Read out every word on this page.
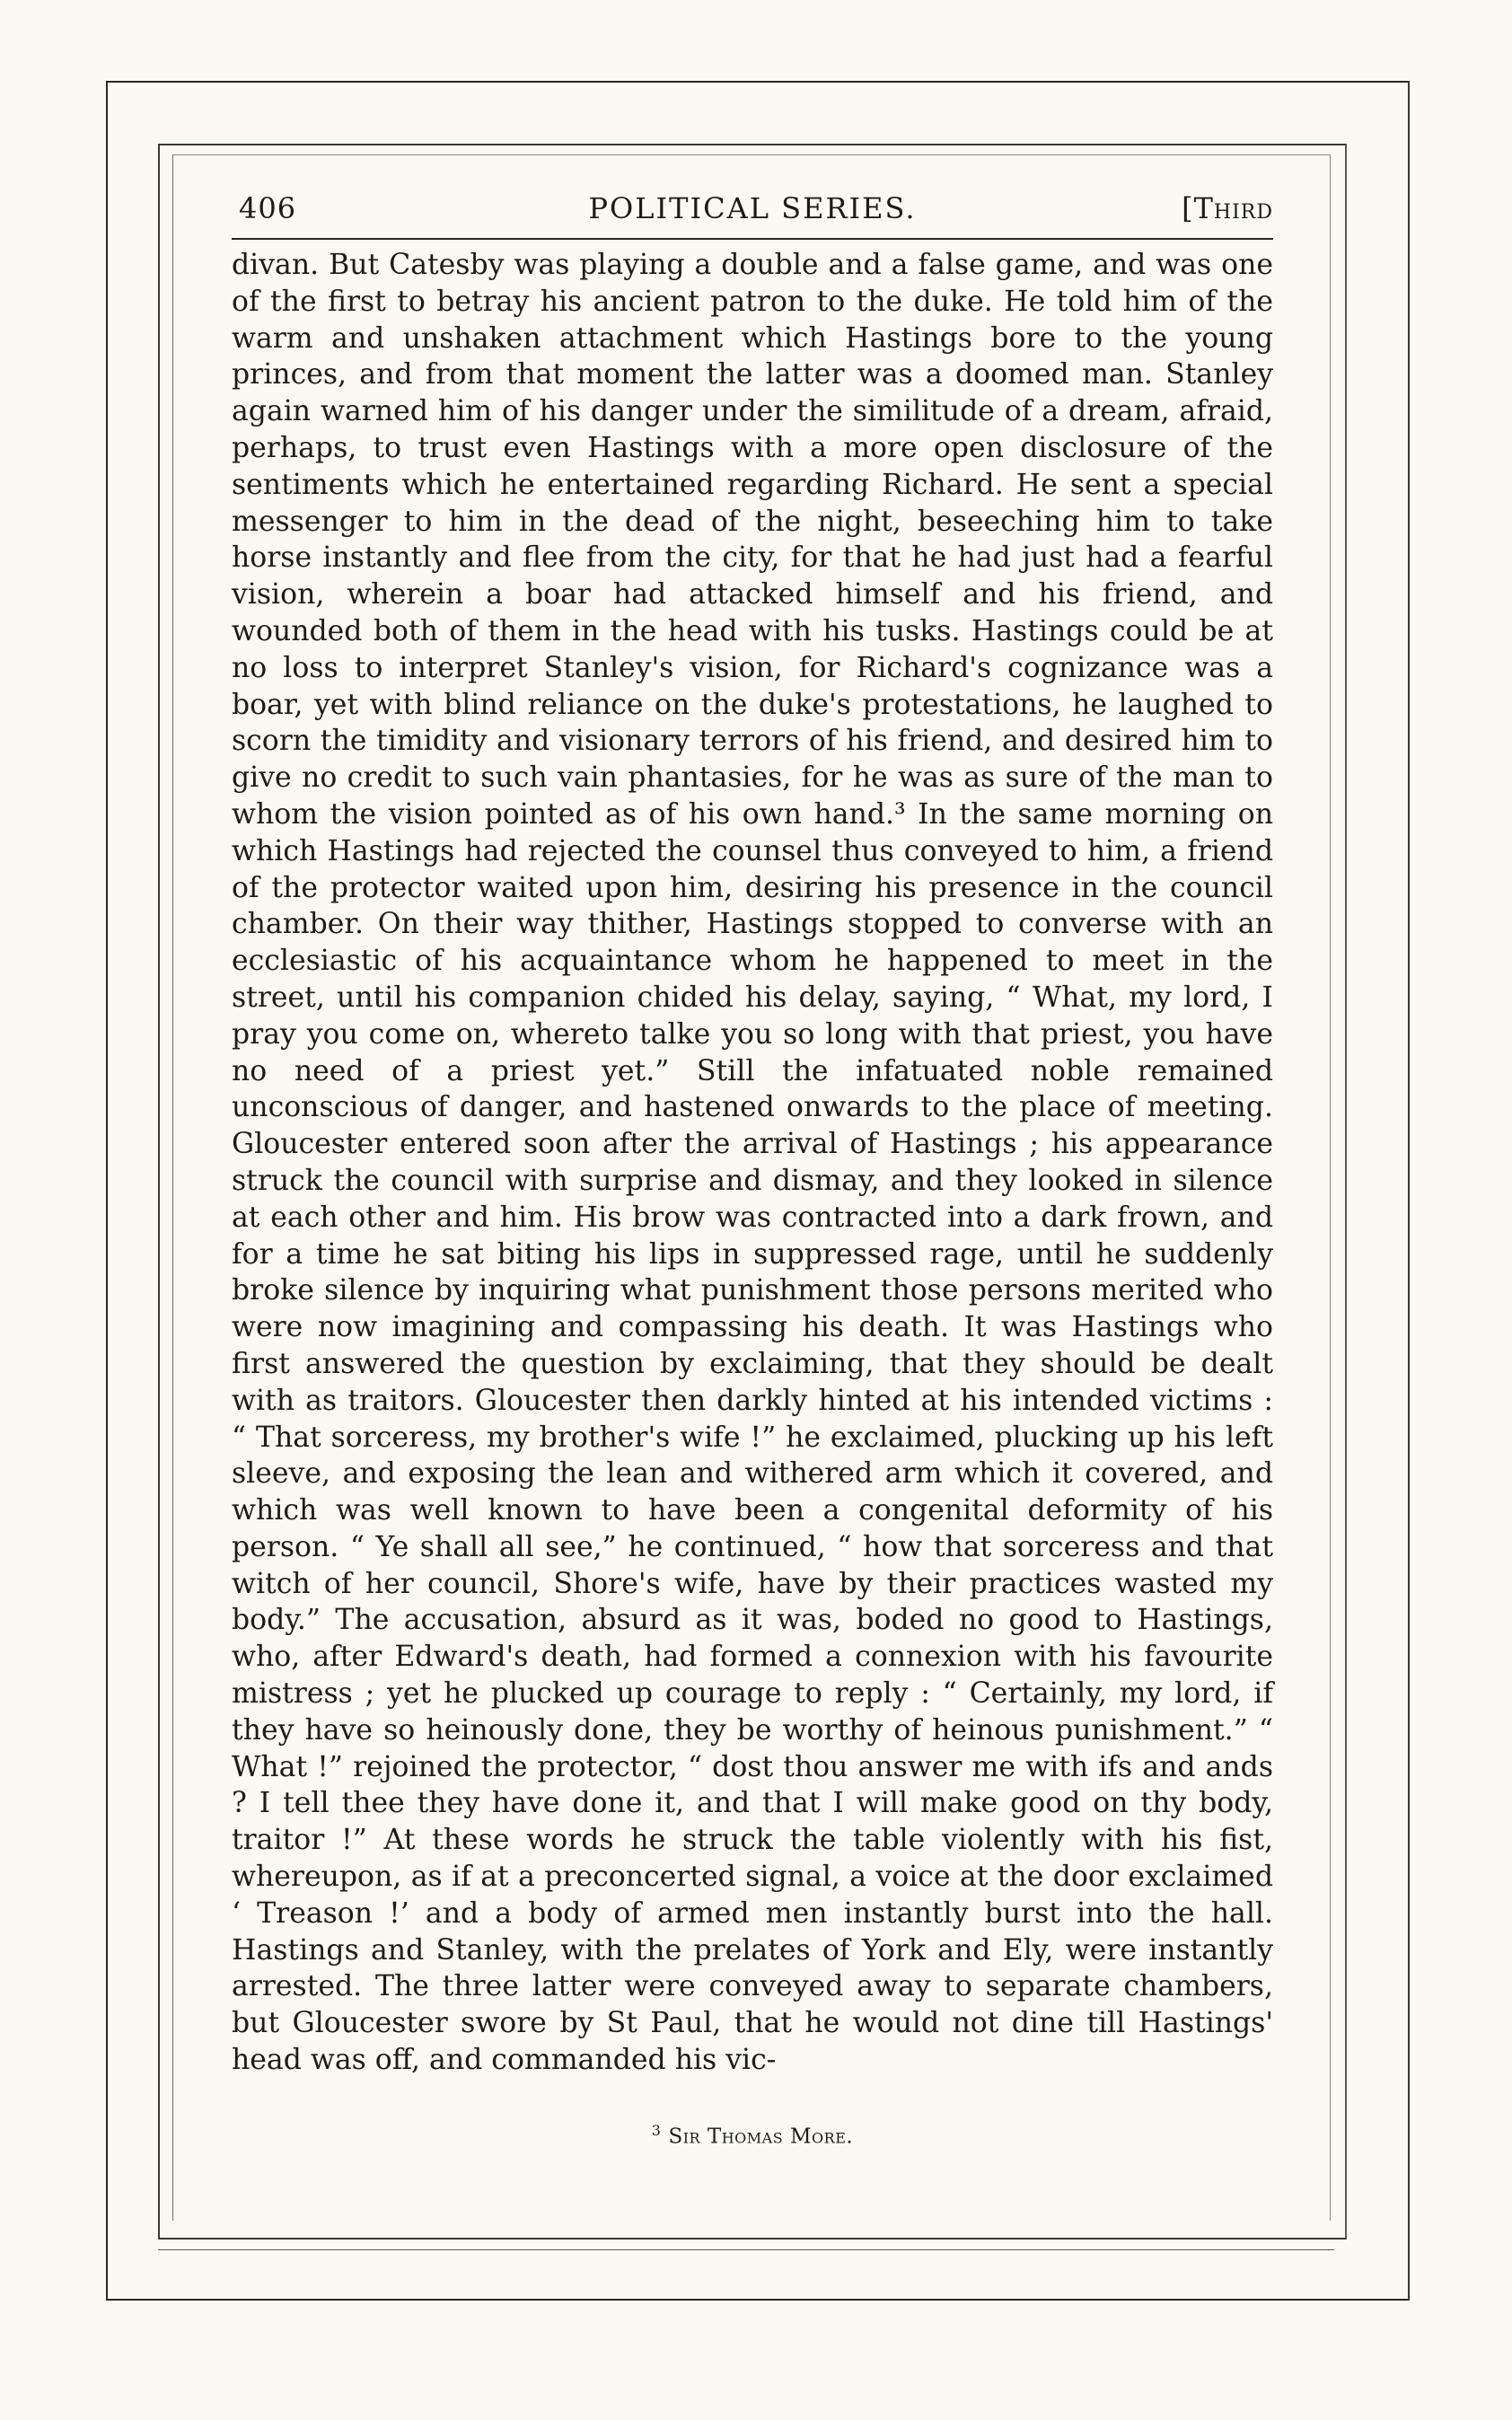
406	POLITICAL SERIES.	[Third

divan. But Catesby was playing a double and a false game, and was one of the first to betray his ancient patron to the duke. He told him of the warm and unshaken attachment which Hastings bore to the young princes, and from that moment the latter was a doomed man. Stanley again warned him of his danger under the similitude of a dream, afraid, perhaps, to trust even Hastings with a more open disclosure of the sentiments which he entertained regarding Richard. He sent a special messenger to him in the dead of the night, beseeching him to take horse instantly and flee from the city, for that he had just had a fearful vision, wherein a boar had attacked himself and his friend, and wounded both of them in the head with his tusks. Hastings could be at no loss to interpret Stanley's vision, for Richard's cognizance was a boar, yet with blind reliance on the duke's protestations, he laughed to scorn the timidity and visionary terrors of his friend, and desired him to give no credit to such vain phantasies, for he was as sure of the man to whom the vision pointed as of his own hand.³ In the same morning on which Hastings had rejected the counsel thus conveyed to him, a friend of the protector waited upon him, desiring his presence in the council chamber. On their way thither, Hastings stopped to converse with an ecclesiastic of his acquaintance whom he happened to meet in the street, until his companion chided his delay, saying, “ What, my lord, I pray you come on, whereto talke you so long with that priest, you have no need of a priest yet.” Still the infatuated noble remained unconscious of danger, and hastened onwards to the place of meeting. Gloucester entered soon after the arrival of Hastings ; his appearance struck the council with surprise and dismay, and they looked in silence at each other and him. His brow was contracted into a dark frown, and for a time he sat biting his lips in suppressed rage, until he suddenly broke silence by inquiring what punishment those persons merited who were now imagining and compassing his death. It was Hastings who first answered the question by exclaiming, that they should be dealt with as traitors. Gloucester then darkly hinted at his intended victims : “ That sorceress, my brother's wife !” he exclaimed, plucking up his left sleeve, and exposing the lean and withered arm which it covered, and which was well known to have been a congenital deformity of his person. “ Ye shall all see,” he continued, “ how that sorceress and that witch of her council, Shore's wife, have by their practices wasted my body.” The accusation, absurd as it was, boded no good to Hastings, who, after Edward's death, had formed a connexion with his favourite mistress ; yet he plucked up courage to reply : “ Certainly, my lord, if they have so heinously done, they be worthy of heinous punishment.” “ What !” rejoined the protector, “ dost thou answer me with ifs and ands ? I tell thee they have done it, and that I will make good on thy body, traitor !” At these words he struck the table violently with his fist, whereupon, as if at a preconcerted signal, a voice at the door exclaimed ‘ Treason !’ and a body of armed men instantly burst into the hall. Hastings and Stanley, with the prelates of York and Ely, were instantly arrested. The three latter were conveyed away to separate chambers, but Gloucester swore by St Paul, that he would not dine till Hastings' head was off, and commanded his vic-

$^3$ Sir Thomas More.
